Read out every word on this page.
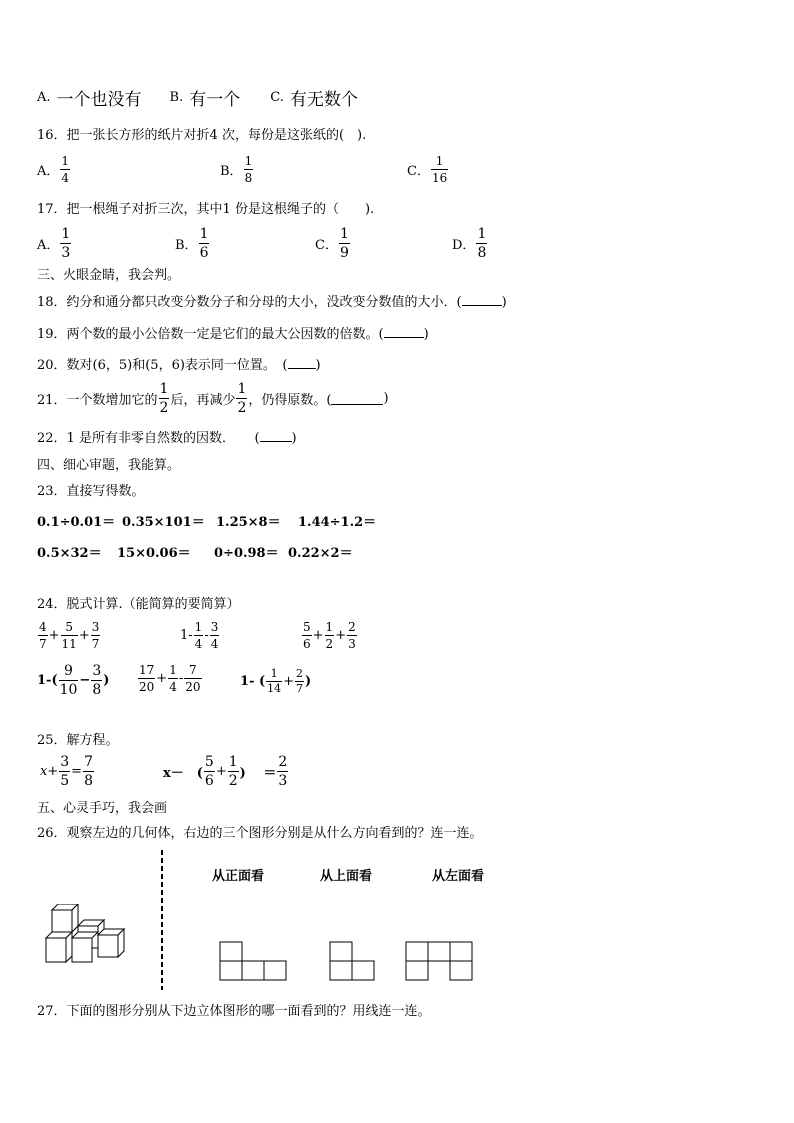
A. 一个也没有 B. 有一个 C. 有无数个
16．把一张长方形的纸片对折4 次，每份是这张纸的(　).
A． $\frac{1}{4}$	B． $\frac{1}{8}$	C． $\frac{1}{16}$
17．把一根绳子对折三次，其中1 份是这根绳子的（　　).
A． $\frac{1}{3}$	B． $\frac{1}{6}$	C． $\frac{1}{9}$	D． $\frac{1}{8}$
三、火眼金睛，我会判。
18．约分和通分都只改变分数分子和分母的大小，没改变分数值的大小．(	)
19．两个数的最小公倍数一定是它们的最大公因数的倍数。(	)
20．数对(6，5)和(5，6)表示同一位置。　( )
21．一个数增加它的 $\frac{1}{2}$ 后，再减少 $\frac{1}{2}$ ，仍得原数。(	)
22．1 是所有非零自然数的因数．　　( )
四、细心审题，我能算。
23．直接写得数。
0.1÷0.01＝ 0.35×101＝ 1.25×8＝ 1.44÷1.2＝
0.5×32＝ 15×0.06＝ 0÷0.98＝ 0.22×2＝
24．脱式计算.（能简算的要简算）
$\frac{4}{7} + \frac{5}{11} + \frac{3}{7}$	$1- \frac{1}{4} - \frac{3}{4}$	$\frac{5}{6} + \frac{1}{2} + \frac{2}{3}$
$1-( \frac{9}{10} - \frac{3}{8}$ ) $\frac{17}{20} + \frac{1}{4} - \frac{7}{20}$	1- ( $\frac{1}{14} + \frac{2}{7}$ )
25．解方程。
$x + \frac{3}{5} = \frac{7}{8}$	x－　( $\frac{5}{6} + \frac{1}{2}$ ) 　＝ $\frac{2}{3}$
五、心灵手巧，我会画
26．观察左边的几何体，右边的三个图形分别是从什么方向看到的？连一连。
从正面看	从上面看	从左面看
27．下面的图形分别从下边立体图形的哪一面看到的？用线连一连。
